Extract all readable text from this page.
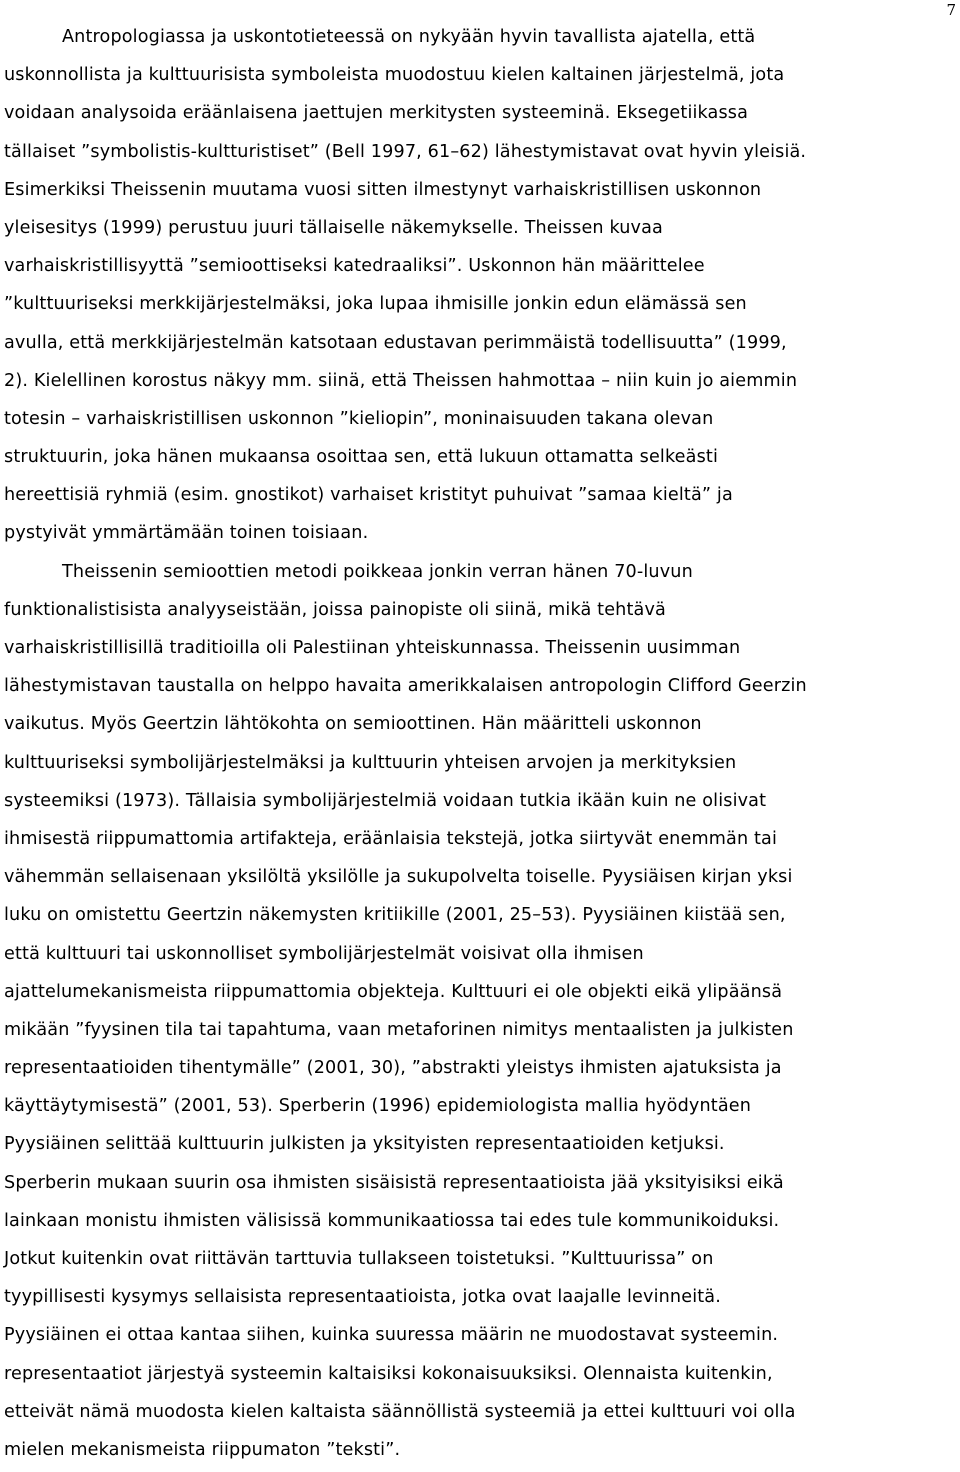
7
Antropologiassa ja uskontotieteessä on nykyään hyvin tavallista ajatella, että
uskonnollista ja kulttuurisista symboleista muodostuu kielen kaltainen järjestelmä, jota
voidaan analysoida eräänlaisena jaettujen merkitysten systeeminä. Eksegetiikassa
tällaiset ”symbolistis-kultturistiset” (Bell 1997, 61–62) lähestymistavat ovat hyvin yleisiä.
Esimerkiksi Theissenin muutama vuosi sitten ilmestynyt varhaiskristillisen uskonnon
yleisesitys (1999) perustuu juuri tällaiselle näkemykselle. Theissen kuvaa
varhaiskristillisyyttä ”semioottiseksi katedraaliksi”. Uskonnon hän määrittelee
”kulttuuriseksi merkkijärjestelmäksi, joka lupaa ihmisille jonkin edun elämässä sen
avulla, että merkkijärjestelmän katsotaan edustavan perimmäistä todellisuutta” (1999,
2). Kielellinen korostus näkyy mm. siinä, että Theissen hahmottaa – niin kuin jo aiemmin
totesin – varhaiskristillisen uskonnon ”kieliopin”, moninaisuuden takana olevan
struktuurin, joka hänen mukaansa osoittaa sen, että lukuun ottamatta selkeästi
hereettisiä ryhmiä (esim. gnostikot) varhaiset kristityt puhuivat ”samaa kieltä” ja
pystyivät ymmärtämään toinen toisiaan.
Theissenin semioottien metodi poikkeaa jonkin verran hänen 70-luvun
funktionalistisista analyyseistään, joissa painopiste oli siinä, mikä tehtävä
varhaiskristillisillä traditioilla oli Palestiinan yhteiskunnassa. Theissenin uusimman
lähestymistavan taustalla on helppo havaita amerikkalaisen antropologin Clifford Geerzin
vaikutus. Myös Geertzin lähtökohta on semioottinen. Hän määritteli uskonnon
kulttuuriseksi symbolijärjestelmäksi ja kulttuurin yhteisen arvojen ja merkityksien
systeemiksi (1973). Tällaisia symbolijärjestelmiä voidaan tutkia ikään kuin ne olisivat
ihmisestä riippumattomia artifakteja, eräänlaisia tekstejä, jotka siirtyvät enemmän tai
vähemmän sellaisenaan yksilöltä yksilölle ja sukupolvelta toiselle. Pyysiäisen kirjan yksi
luku on omistettu Geertzin näkemysten kritiikille (2001, 25–53). Pyysiäinen kiistää sen,
että kulttuuri tai uskonnolliset symbolijärjestelmät voisivat olla ihmisen
ajattelumekanismeista riippumattomia objekteja. Kulttuuri ei ole objekti eikä ylipäänsä
mikään ”fyysinen tila tai tapahtuma, vaan metaforinen nimitys mentaalisten ja julkisten
representaatioiden tihentymälle” (2001, 30), ”abstrakti yleistys ihmisten ajatuksista ja
käyttäytymisestä” (2001, 53). Sperberin (1996) epidemiologista mallia hyödyntäen
Pyysiäinen selittää kulttuurin julkisten ja yksityisten representaatioiden ketjuksi.
Sperberin mukaan suurin osa ihmisten sisäisistä representaatioista jää yksityisiksi eikä
lainkaan monistu ihmisten välisissä kommunikaatiossa tai edes tule kommunikoiduksi.
Jotkut kuitenkin ovat riittävän tarttuvia tullakseen toistetuksi. ”Kulttuurissa” on
tyypillisesti kysymys sellaisista representaatioista, jotka ovat laajalle levinneitä.
Pyysiäinen ei ottaa kantaa siihen, kuinka suuressa määrin ne muodostavat systeemin.
representaatiot järjestyä systeemin kaltaisiksi kokonaisuuksiksi. Olennaista kuitenkin,
etteivät nämä muodosta kielen kaltaista säännöllistä systeemiä ja ettei kulttuuri voi olla
mielen mekanismeista riippumaton ”teksti”.
